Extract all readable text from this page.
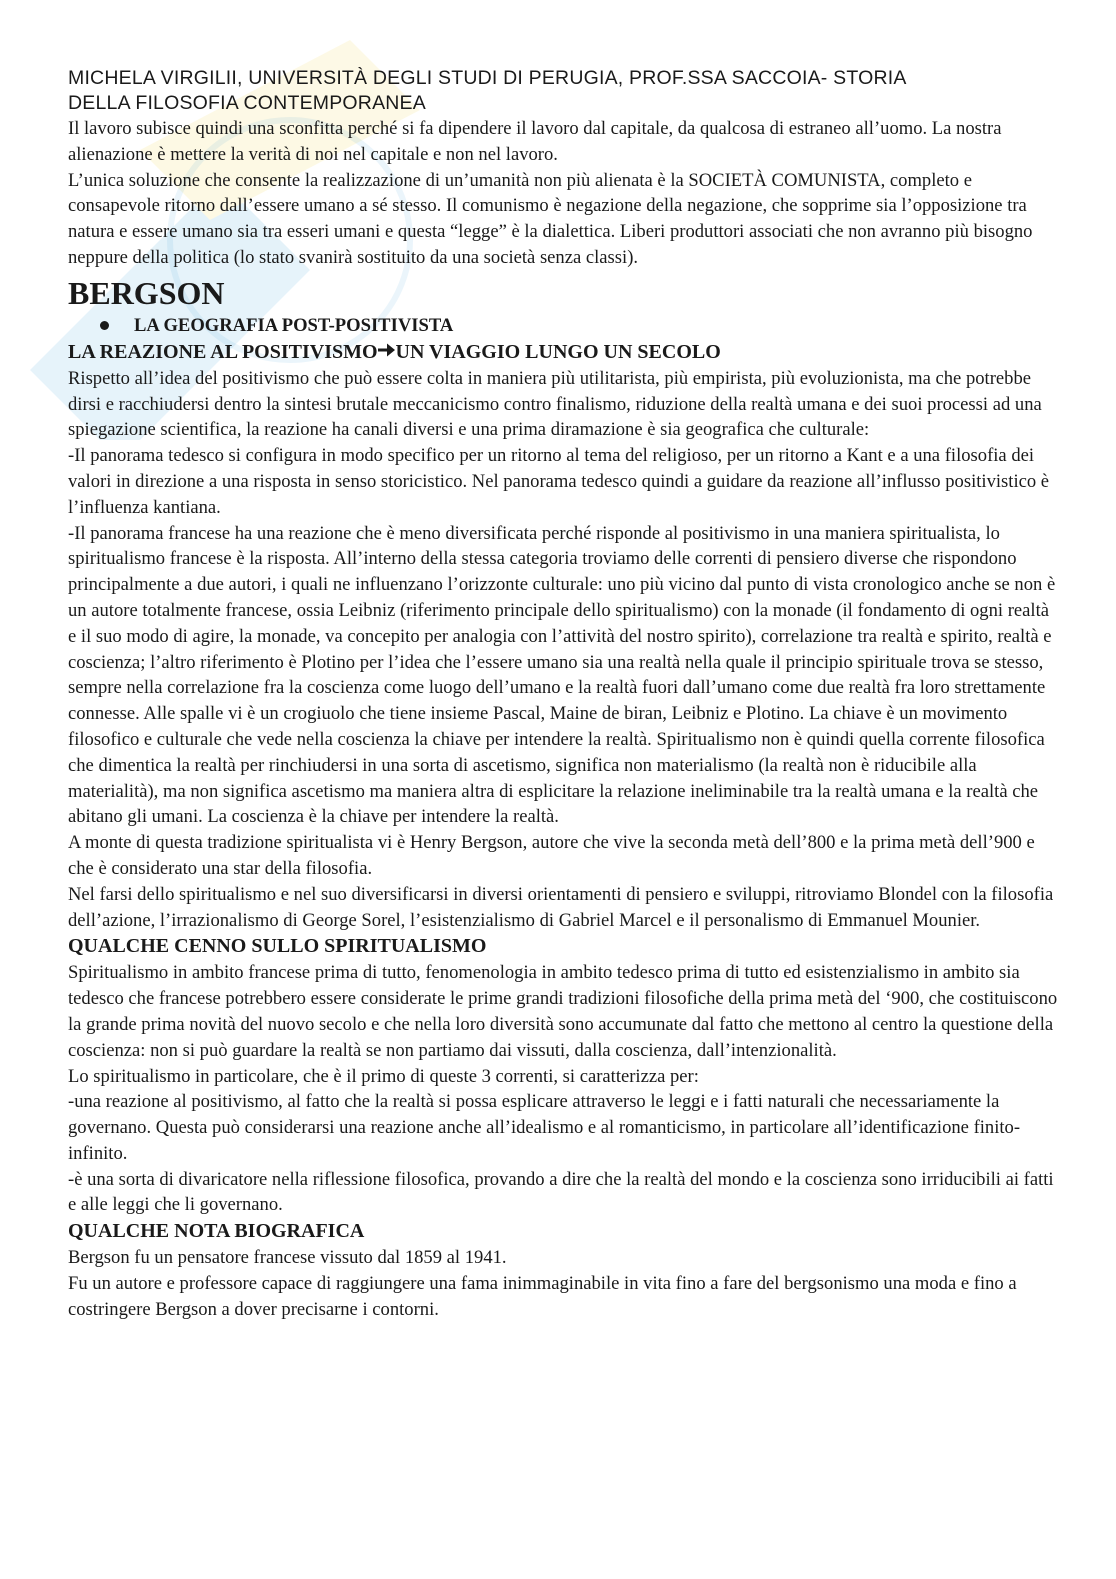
MICHELA VIRGILII, UNIVERSITÀ DEGLI STUDI DI PERUGIA, PROF.SSA SACCOIA- STORIA
DELLA FILOSOFIA CONTEMPORANEA

Il lavoro subisce quindi una sconfitta perché si fa dipendere il lavoro dal capitale, da qualcosa di estraneo all’uomo. La nostra alienazione è mettere la verità di noi nel capitale e non nel lavoro.

L’unica soluzione che consente la realizzazione di un’umanità non più alienata è la SOCIETÀ COMUNISTA, completo e consapevole ritorno dall’essere umano a sé stesso. Il comunismo è negazione della negazione, che sopprime sia l’opposizione tra natura e essere umano sia tra esseri umani e questa “legge” è la dialettica. Liberi produttori associati che non avranno più bisogno neppure della politica (lo stato svanirà sostituito da una società senza classi).

BERGSON
LA GEOGRAFIA POST-POSITIVISTA
LA REAZIONE AL POSITIVISMO UN VIAGGIO LUNGO UN SECOLO

Rispetto all’idea del positivismo che può essere colta in maniera più utilitarista, più empirista, più evoluzionista, ma che potrebbe dirsi e racchiudersi dentro la sintesi brutale meccanicismo contro finalismo, riduzione della realtà umana e dei suoi processi ad una spiegazione scientifica, la reazione ha canali diversi e una prima diramazione è sia geografica che culturale:

-Il panorama tedesco si configura in modo specifico per un ritorno al tema del religioso, per un ritorno a Kant e a una filosofia dei valori in direzione a una risposta in senso storicistico. Nel panorama tedesco quindi a guidare da reazione all’influsso positivistico è l’influenza kantiana.

-Il panorama francese ha una reazione che è meno diversificata perché risponde al positivismo in una maniera spiritualista, lo spiritualismo francese è la risposta. All’interno della stessa categoria troviamo delle correnti di pensiero diverse che rispondono principalmente a due autori, i quali ne influenzano l’orizzonte culturale: uno più vicino dal punto di vista cronologico anche se non è un autore totalmente francese, ossia Leibniz (riferimento principale dello spiritualismo) con la monade (il fondamento di ogni realtà e il suo modo di agire, la monade, va concepito per analogia con l’attività del nostro spirito), correlazione tra realtà e spirito, realtà e coscienza; l’altro riferimento è Plotino per l’idea che l’essere umano sia una realtà nella quale il principio spirituale trova se stesso, sempre nella correlazione fra la coscienza come luogo dell’umano e la realtà fuori dall’umano come due realtà fra loro strettamente connesse. Alle spalle vi è un crogiuolo che tiene insieme Pascal, Maine de biran, Leibniz e Plotino. La chiave è un movimento filosofico e culturale che vede nella coscienza la chiave per intendere la realtà. Spiritualismo non è quindi quella corrente filosofica che dimentica la realtà per rinchiudersi in una sorta di ascetismo, significa non materialismo (la realtà non è riducibile alla materialità), ma non significa ascetismo ma maniera altra di esplicitare la relazione ineliminabile tra la realtà umana e la realtà che abitano gli umani. La coscienza è la chiave per intendere la realtà.

A monte di questa tradizione spiritualista vi è Henry Bergson, autore che vive la seconda metà dell’800 e la prima metà dell’900 e che è considerato una star della filosofia.

Nel farsi dello spiritualismo e nel suo diversificarsi in diversi orientamenti di pensiero e sviluppi, ritroviamo Blondel con la filosofia dell’azione, l’irrazionalismo di George Sorel, l’esistenzialismo di Gabriel Marcel e il personalismo di Emmanuel Mounier.

QUALCHE CENNO SULLO SPIRITUALISMO

Spiritualismo in ambito francese prima di tutto, fenomenologia in ambito tedesco prima di tutto ed esistenzialismo in ambito sia tedesco che francese potrebbero essere considerate le prime grandi tradizioni filosofiche della prima metà del ‘900, che costituiscono la grande prima novità del nuovo secolo e che nella loro diversità sono accumunate dal fatto che mettono al centro la questione della coscienza: non si può guardare la realtà se non partiamo dai vissuti, dalla coscienza, dall’intenzionalità.

Lo spiritualismo in particolare, che è il primo di queste 3 correnti, si caratterizza per:

-una reazione al positivismo, al fatto che la realtà si possa esplicare attraverso le leggi e i fatti naturali che necessariamente la governano. Questa può considerarsi una reazione anche all’idealismo e al romanticismo, in particolare all’identificazione finito-infinito.

-è una sorta di divaricatore nella riflessione filosofica, provando a dire che la realtà del mondo e la coscienza sono irriducibili ai fatti e alle leggi che li governano.

QUALCHE NOTA BIOGRAFICA

Bergson fu un pensatore francese vissuto dal 1859 al 1941.

Fu un autore e professore capace di raggiungere una fama inimmaginabile in vita fino a fare del bergsonismo una moda e fino a costringere Bergson a dover precisarne i contorni.
